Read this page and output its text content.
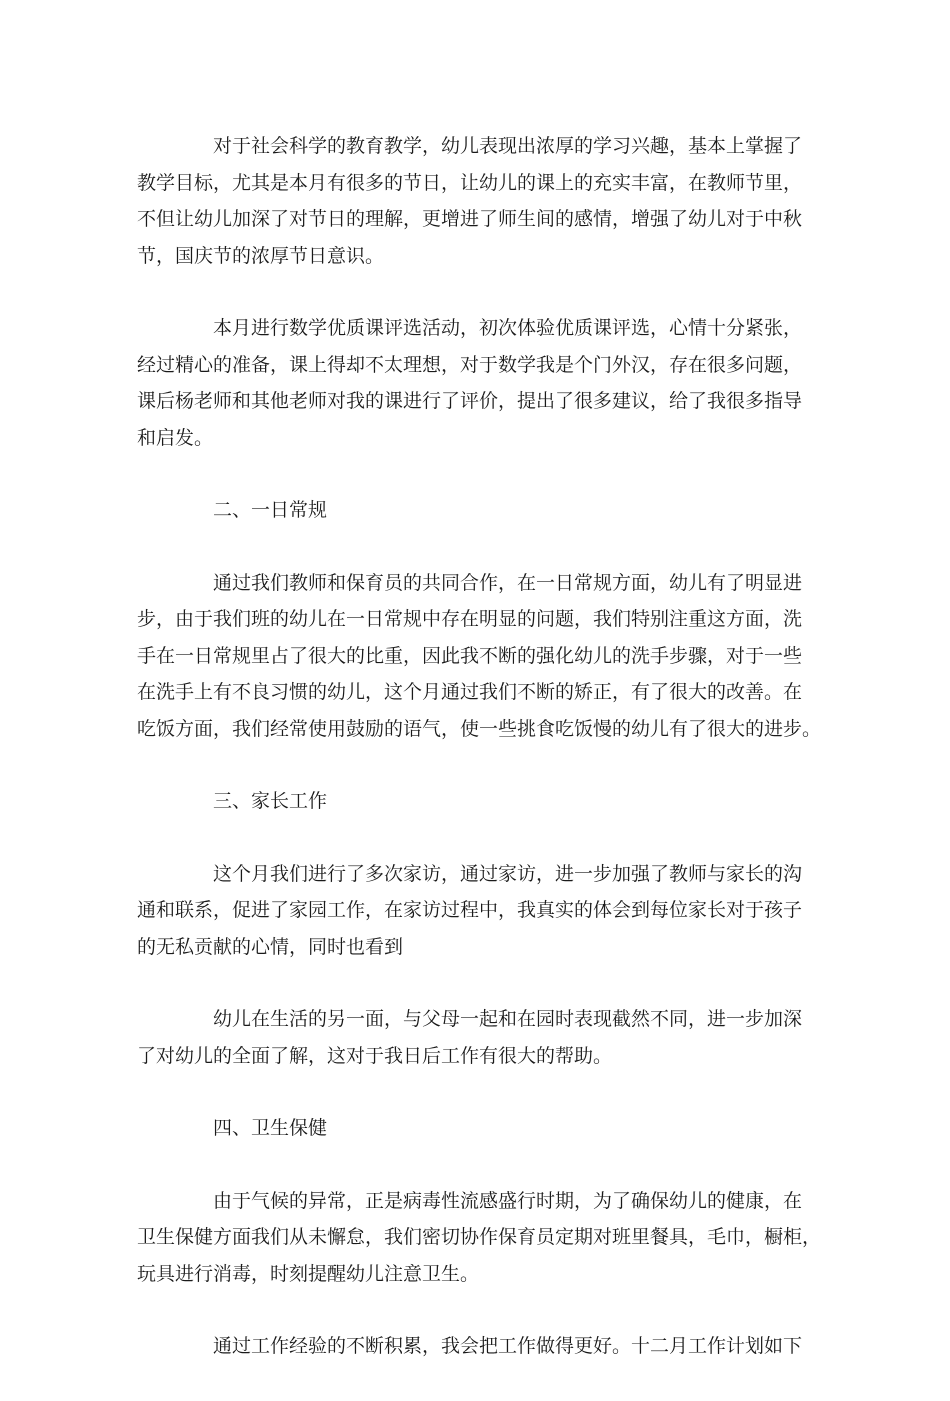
对于社会科学的教育教学，幼儿表现出浓厚的学习兴趣，基本上掌握了
教学目标，尤其是本月有很多的节日，让幼儿的课上的充实丰富，在教师节里，
不但让幼儿加深了对节日的理解，更增进了师生间的感情，增强了幼儿对于中秋
节，国庆节的浓厚节日意识。

本月进行数学优质课评选活动，初次体验优质课评选，心情十分紧张，
经过精心的准备，课上得却不太理想，对于数学我是个门外汉，存在很多问题，
课后杨老师和其他老师对我的课进行了评价，提出了很多建议，给了我很多指导
和启发。

二、一日常规

通过我们教师和保育员的共同合作，在一日常规方面，幼儿有了明显进
步，由于我们班的幼儿在一日常规中存在明显的问题，我们特别注重这方面，洗
手在一日常规里占了很大的比重，因此我不断的强化幼儿的洗手步骤，对于一些
在洗手上有不良习惯的幼儿，这个月通过我们不断的矫正，有了很大的改善。在
吃饭方面，我们经常使用鼓励的语气，使一些挑食吃饭慢的幼儿有了很大的进步。

三、家长工作

这个月我们进行了多次家访，通过家访，进一步加强了教师与家长的沟
通和联系，促进了家园工作，在家访过程中，我真实的体会到每位家长对于孩子
的无私贡献的心情，同时也看到

幼儿在生活的另一面，与父母一起和在园时表现截然不同，进一步加深
了对幼儿的全面了解，这对于我日后工作有很大的帮助。

四、卫生保健

由于气候的异常，正是病毒性流感盛行时期，为了确保幼儿的健康，在
卫生保健方面我们从未懈怠，我们密切协作保育员定期对班里餐具，毛巾，橱柜，
玩具进行消毒，时刻提醒幼儿注意卫生。

通过工作经验的不断积累，我会把工作做得更好。十二月工作计划如下
